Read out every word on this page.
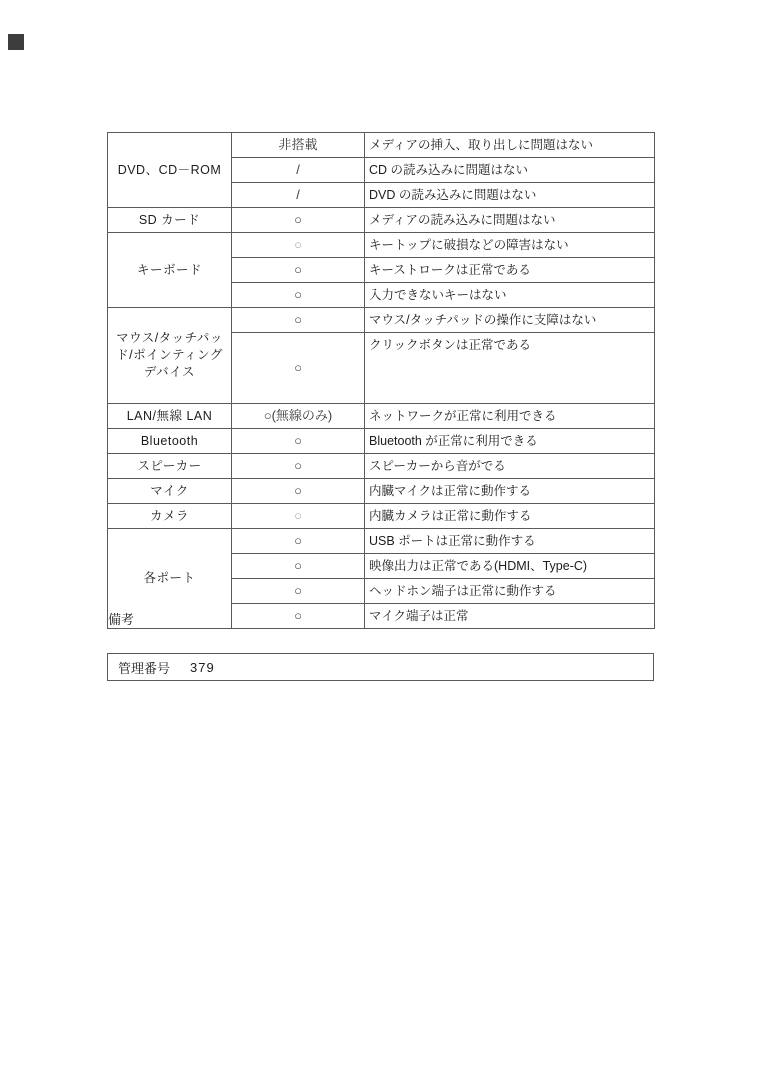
DVD、CD－ROM	非搭載	メディアの挿入、取り出しに問題はない
	/	CD の読み込みに問題はない
	/	DVD の読み込みに問題はない
SD カード	○	メディアの読み込みに問題はない
キーボード	○	キートップに破損などの障害はない
	○	キーストロークは正常である
	○	入力できないキーはない
マウス/タッチパッド/ポインティングデバイス	○	マウス/タッチパッドの操作に支障はない
	○	クリックボタンは正常である
LAN/無線 LAN	○(無線のみ)	ネットワークが正常に利用できる
Bluetooth	○	Bluetooth が正常に利用できる
スピーカー	○	スピーカーから音がでる
マイク	○	内臓マイクは正常に動作する
カメラ	○	内臓カメラは正常に動作する
各ポート	○	USB ポートは正常に動作する
	○	映像出力は正常である(HDMI、Type-C)
	○	ヘッドホン端子は正常に動作する
	○	マイク端子は正常
備考
管理番号 379
